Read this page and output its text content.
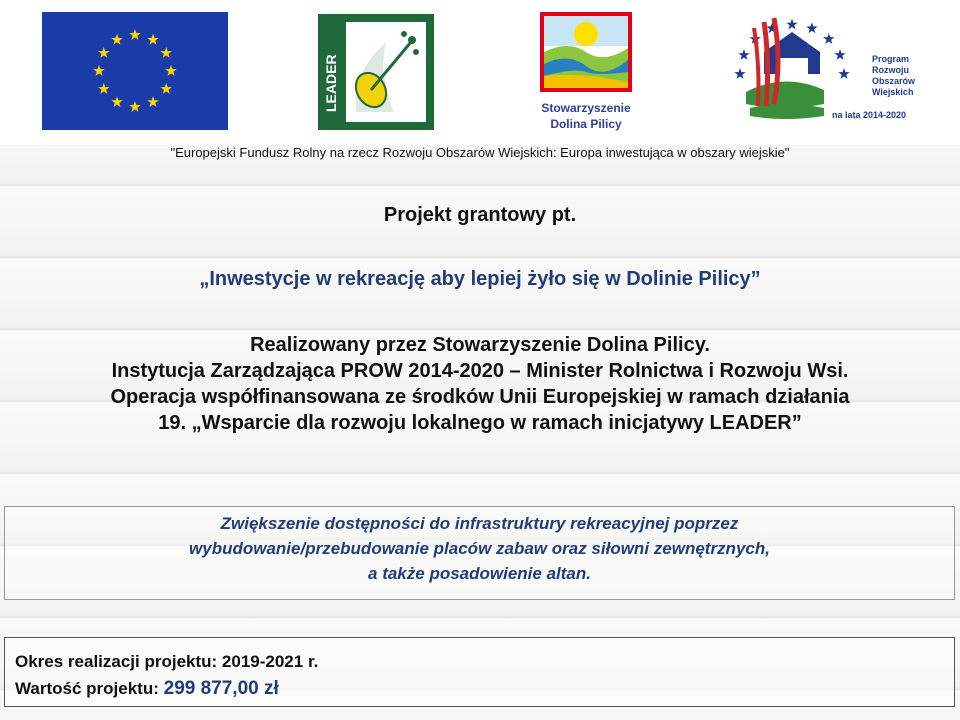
LEADER	Stowarzyszenie
Dolina Pilicy
Program
Rozwoju
Obszarów
Wiejskich
na lata 2014-2020
"Europejski Fundusz Rolny na rzecz Rozwoju Obszarów Wiejskich: Europa inwestująca w obszary wiejskie"
Projekt grantowy pt.
„Inwestycje w rekreację aby lepiej żyło się w Dolinie Pilicy”
Realizowany przez Stowarzyszenie Dolina Pilicy.
Instytucja Zarządzająca PROW 2014-2020 – Minister Rolnictwa i Rozwoju Wsi.
Operacja współfinansowana ze środków Unii Europejskiej w ramach działania
19. „Wsparcie dla rozwoju lokalnego w ramach inicjatywy LEADER”
Zwiększenie dostępności do infrastruktury rekreacyjnej poprzez
wybudowanie/przebudowanie placów zabaw oraz siłowni zewnętrznych,
a także posadowienie altan.
Okres realizacji projektu: 2019-2021 r.
Wartość projektu: 299 877,00 zł
